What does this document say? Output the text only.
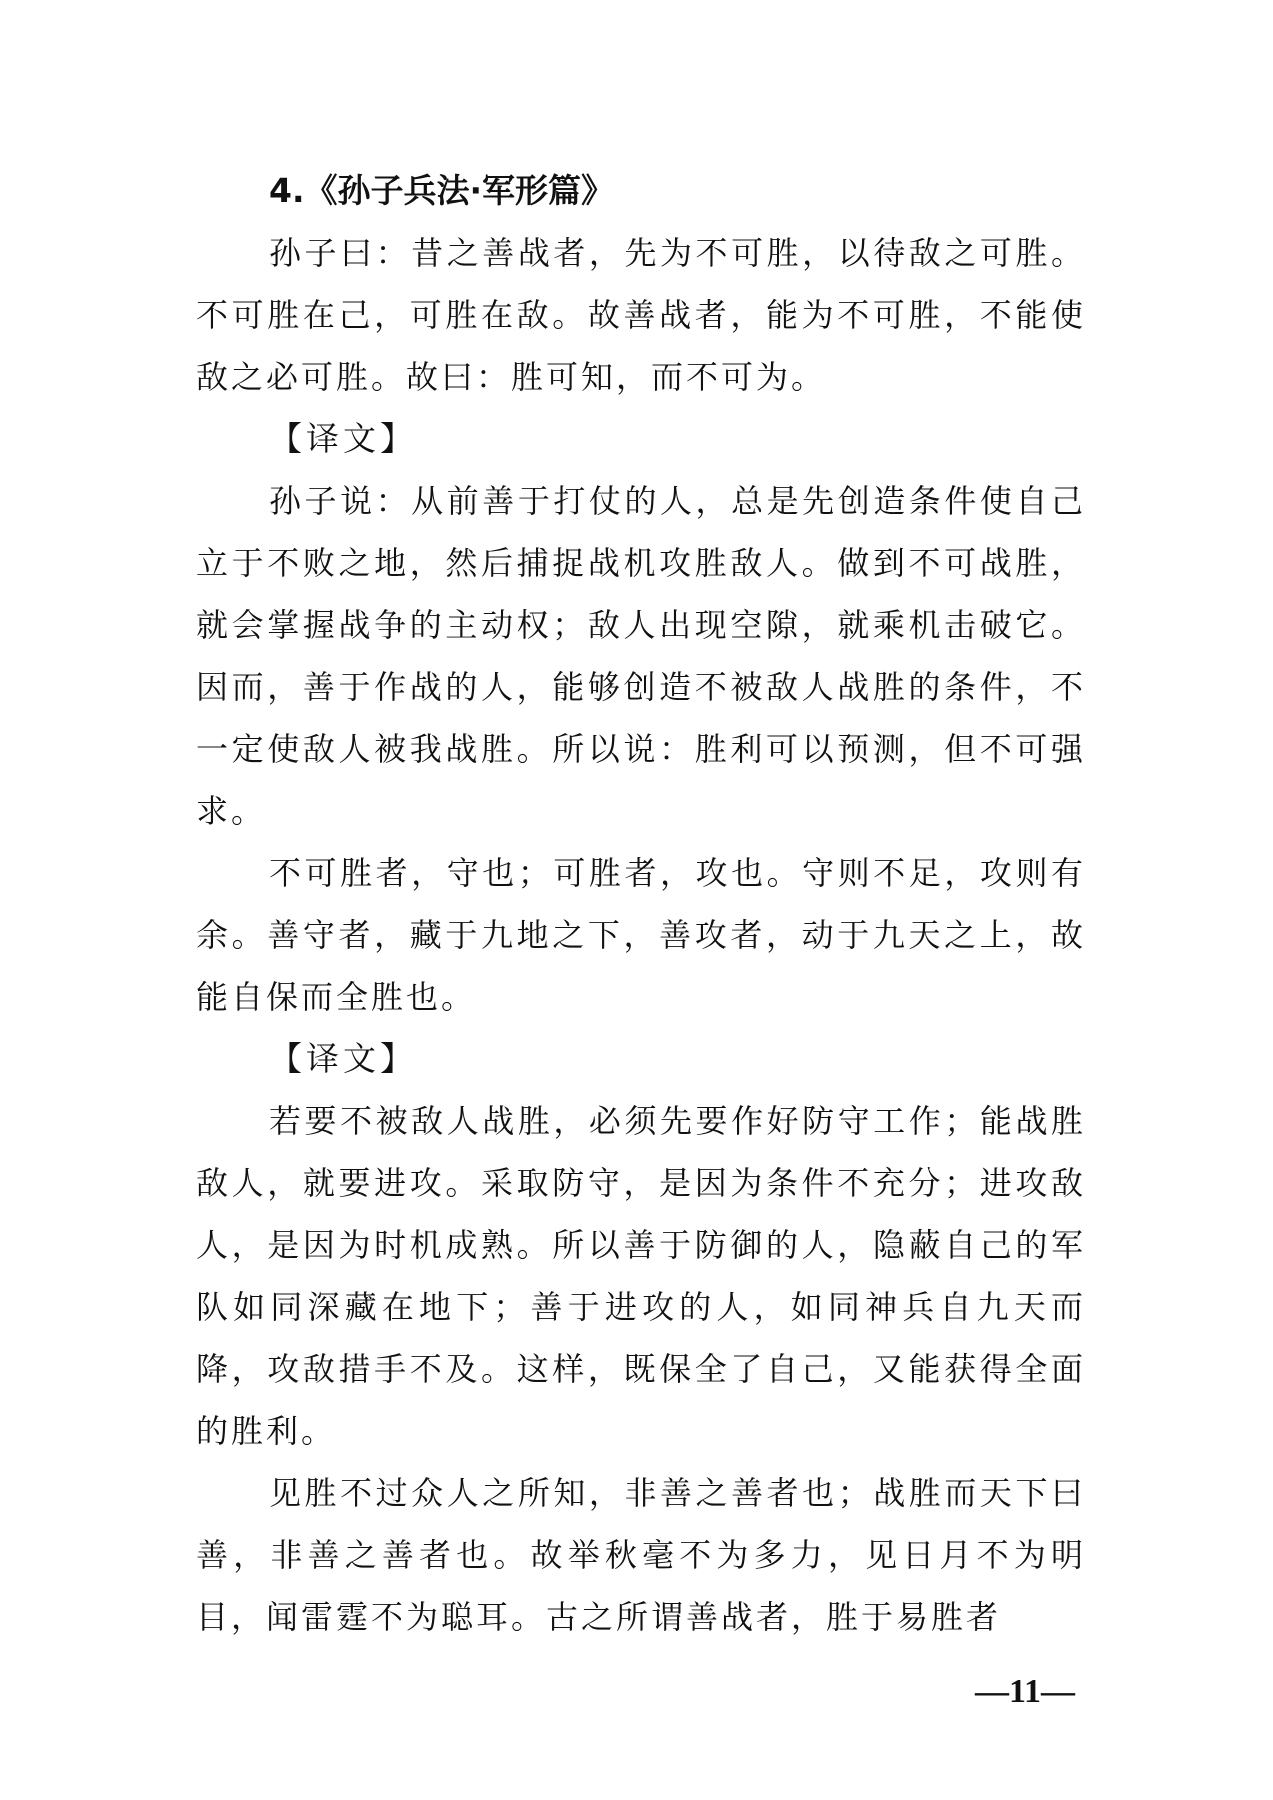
4.《孙子兵法·军形篇》

孙子曰：昔之善战者，先为不可胜，以待敌之可胜。不可胜在己，可胜在敌。故善战者，能为不可胜，不能使敌之必可胜。故曰：胜可知，而不可为。

【译文】

孙子说：从前善于打仗的人，总是先创造条件使自己立于不败之地，然后捕捉战机攻胜敌人。做到不可战胜，就会掌握战争的主动权；敌人出现空隙，就乘机击破它。因而，善于作战的人，能够创造不被敌人战胜的条件，不一定使敌人被我战胜。所以说：胜利可以预测，但不可强求。

不可胜者，守也；可胜者，攻也。守则不足，攻则有余。善守者，藏于九地之下，善攻者，动于九天之上，故能自保而全胜也。

【译文】

若要不被敌人战胜，必须先要作好防守工作；能战胜敌人，就要进攻。采取防守，是因为条件不充分；进攻敌人，是因为时机成熟。所以善于防御的人，隐蔽自己的军队如同深藏在地下；善于进攻的人，如同神兵自九天而降，攻敌措手不及。这样，既保全了自己，又能获得全面的胜利。

见胜不过众人之所知，非善之善者也；战胜而天下曰善，非善之善者也。故举秋毫不为多力，见日月不为明目，闻雷霆不为聪耳。古之所谓善战者，胜于易胜者

—11—
